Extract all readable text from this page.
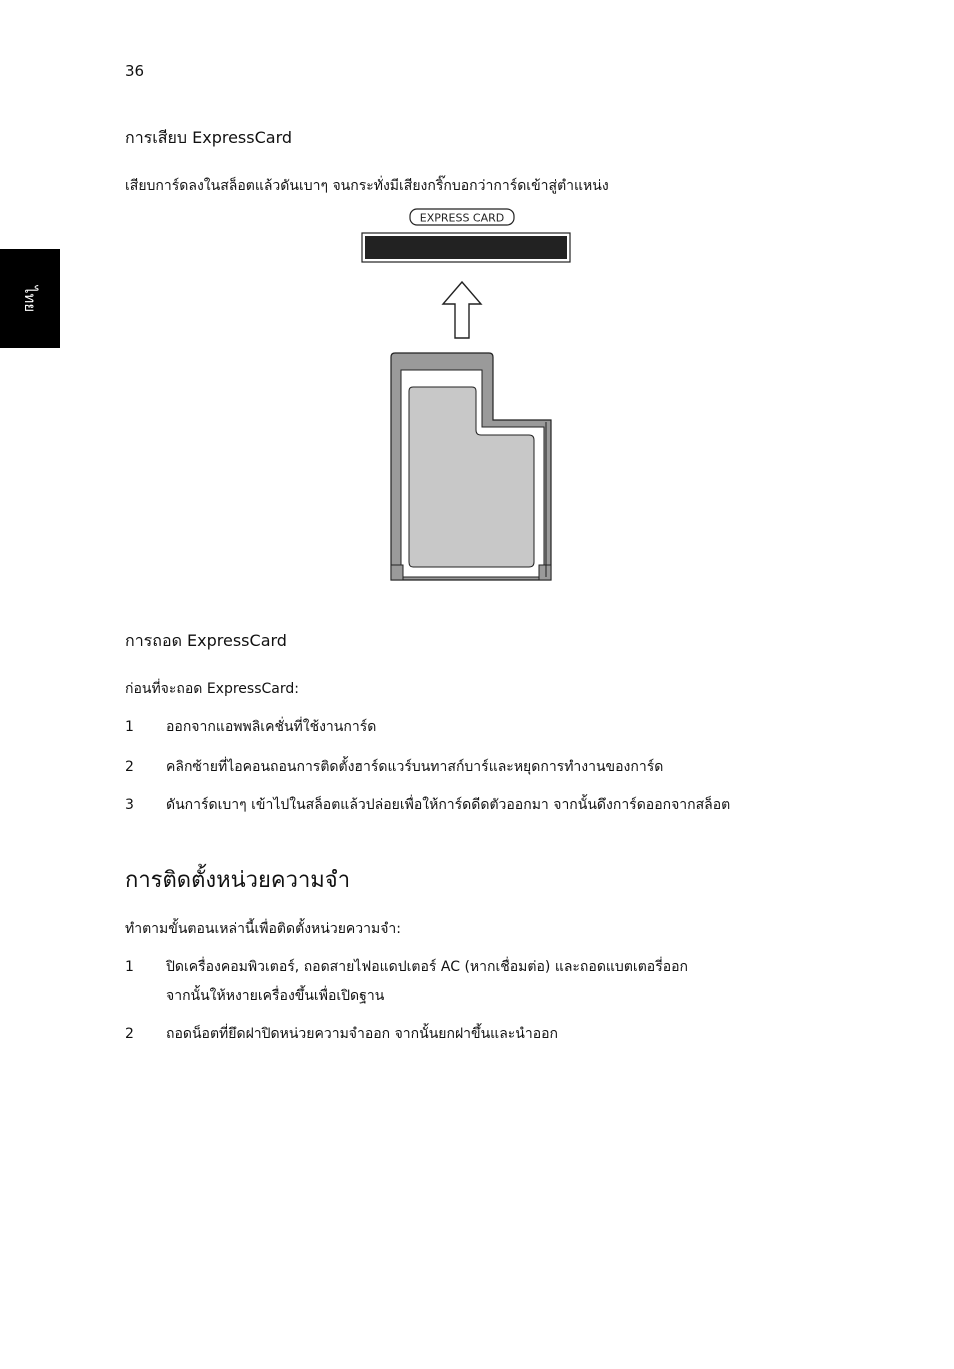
36
ไทย
การเสียบ ExpressCard
เสียบการ์ดลงในสล็อตแล้วดันเบาๆ จนกระทั่งมีเสียงกริ๊กบอกว่าการ์ดเข้าสู่ตำแหน่ง
EXPRESS CARD
การถอด ExpressCard
ก่อนที่จะถอด ExpressCard:
1	ออกจากแอพพลิเคชั่นที่ใช้งานการ์ด
2	คลิกซ้ายที่ไอคอนถอนการติดตั้งฮาร์ดแวร์บนทาสก์บาร์และหยุดการทำงานของการ์ด
3	ดันการ์ดเบาๆ เข้าไปในสล็อตแล้วปล่อยเพื่อให้การ์ดดีดตัวออกมา จากนั้นดึงการ์ดออกจากสล็อต
การติดตั้งหน่วยความจำ
ทำตามขั้นตอนเหล่านี้เพื่อติดตั้งหน่วยความจำ:
1	ปิดเครื่องคอมพิวเตอร์, ถอดสายไฟอแดปเตอร์ AC (หากเชื่อมต่อ) และถอดแบตเตอรี่ออก
จากนั้นให้หงายเครื่องขึ้นเพื่อเปิดฐาน
2	ถอดน็อตที่ยึดฝาปิดหน่วยความจำออก จากนั้นยกฝาขึ้นและนำออก
